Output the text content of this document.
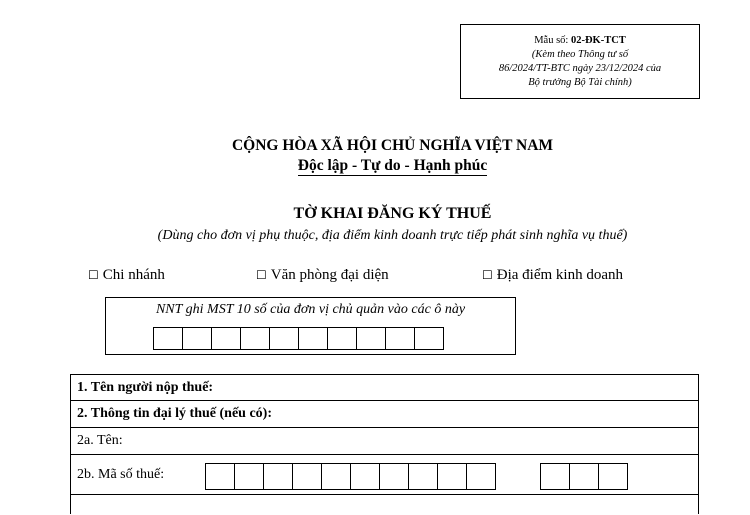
Mẫu số: 02-ĐK-TCT
(Kèm theo Thông tư số
86/2024/TT-BTC ngày 23/12/2024 của
Bộ trưởng Bộ Tài chính)
CỘNG HÒA XÃ HỘI CHỦ NGHĨA VIỆT NAM
Độc lập - Tự do - Hạnh phúc
TỜ KHAI ĐĂNG KÝ THUẾ
(Dùng cho đơn vị phụ thuộc, địa điểm kinh doanh trực tiếp phát sinh nghĩa vụ thuế)
☐ Chi nhánh	☐ Văn phòng đại diện	☐ Địa điểm kinh doanh
NNT ghi MST 10 số của đơn vị chủ quản vào các ô này
1. Tên người nộp thuế:
2. Thông tin đại lý thuế (nếu có):
2a. Tên:
2b. Mã số thuế:
